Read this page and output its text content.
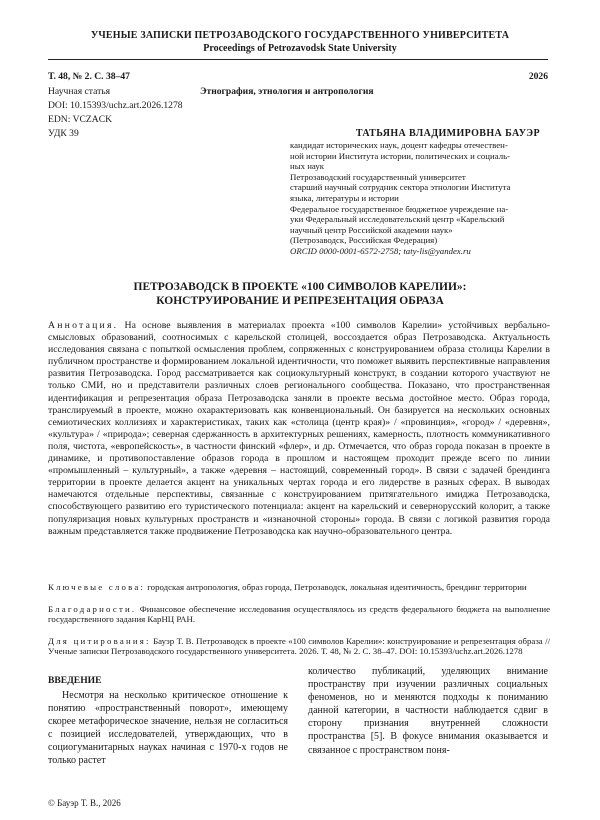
УЧЕНЫЕ ЗАПИСКИ ПЕТРОЗАВОДСКОГО ГОСУДАРСТВЕННОГО УНИВЕРСИТЕТА
Proceedings of Petrozavodsk State University
Т. 48, № 2. С. 38–47	2026
Научная статья	Этнография, этнология и антропология
DOI: 10.15393/uchz.art.2026.1278
EDN: VCZACK
УДК 39	ТАТЬЯНА ВЛАДИМИРОВНА БАУЭР
кандидат исторических наук, доцент кафедры отечествен-
ной истории Института истории, политических и социаль-
ных наук
Петрозаводский государственный университет
старший научный сотрудник сектора этнологии Института
языка, литературы и истории
Федеральное государственное бюджетное учреждение на-
уки Федеральный исследовательский центр «Карельский
научный центр Российской академии наук»
(Петрозаводск, Российская Федерация)
ORCID 0000-0001-6572-2758; taty-lis@yandex.ru
ПЕТРОЗАВОДСК В ПРОЕКТЕ «100 СИМВОЛОВ КАРЕЛИИ»:
КОНСТРУИРОВАНИЕ И РЕПРЕЗЕНТАЦИЯ ОБРАЗА
Аннотация. На основе выявления в материалах проекта «100 символов Карелии» устойчивых вербально-смысловых образований, соотносимых с карельской столицей, воссоздается образ Петрозаводска. Актуальность исследования связана с попыткой осмысления проблем, сопряженных с конструированием образа столицы Карелии в публичном пространстве и формированием локальной идентичности, что поможет выявить перспективные направления развития Петрозаводска. Город рассматривается как социокультурный конструкт, в создании которого участвуют не только СМИ, но и представители различных слоев регионального сообщества. Показано, что пространственная идентификация и репрезентация образа Петрозаводска заняли в проекте весьма достойное место. Образ города, транслируемый в проекте, можно охарактеризовать как конвенциональный. Он базируется на нескольких основных семиотических коллизиях и характеристиках, таких как «столица (центр края)» / «провинция», «город» / «деревня», «культура» / «природа»; северная сдержанность в архитектурных решениях, камерность, плотность коммуникативного поля, чистота, «европейскость», в частности финский «флер», и др. Отмечается, что образ города показан в проекте в динамике, и противопоставление образов города в прошлом и настоящем проходит прежде всего по линии «промышленный – культурный», а также «деревня – настоящий, современный город». В связи с задачей брендинга территории в проекте делается акцент на уникальных чертах города и его лидерстве в разных сферах. В выводах намечаются отдельные перспективы, связанные с конструированием притягательного имиджа Петрозаводска, способствующего развитию его туристического потенциала: акцент на карельский и севернорусский колорит, а также популяризация новых культурных пространств и «изнаночной стороны» города. В связи с логикой развития города важным представляется также продвижение Петрозаводска как научно-образовательного центра.
Ключевые слова: городская антропология, образ города, Петрозаводск, локальная идентичность, брендинг территории
Благодарности. Финансовое обеспечение исследования осуществлялось из средств федерального бюджета на выполнение государственного задания КарНЦ РАН.
Для цитирования: Бауэр Т. В. Петрозаводск в проекте «100 символов Карелии»: конструирование и репрезентация образа // Ученые записки Петрозаводского государственного университета. 2026. Т. 48, № 2. С. 38–47. DOI: 10.15393/uchz.art.2026.1278
ВВЕДЕНИЕ
Несмотря на несколько критическое отношение к понятию «пространственный поворот», имеющему скорее метафорическое значение, нельзя не согласиться с позицией исследователей, утверждающих, что в социогуманитарных науках начиная с 1970-х годов не только растет
количество публикаций, уделяющих внимание пространству при изучении различных социальных феноменов, но и меняются подходы к пониманию данной категории, в частности наблюдается сдвиг в сторону признания внутренней сложности пространства [5]. В фокусе внимания оказывается и связанное с пространством поня-
© Бауэр Т. В., 2026
